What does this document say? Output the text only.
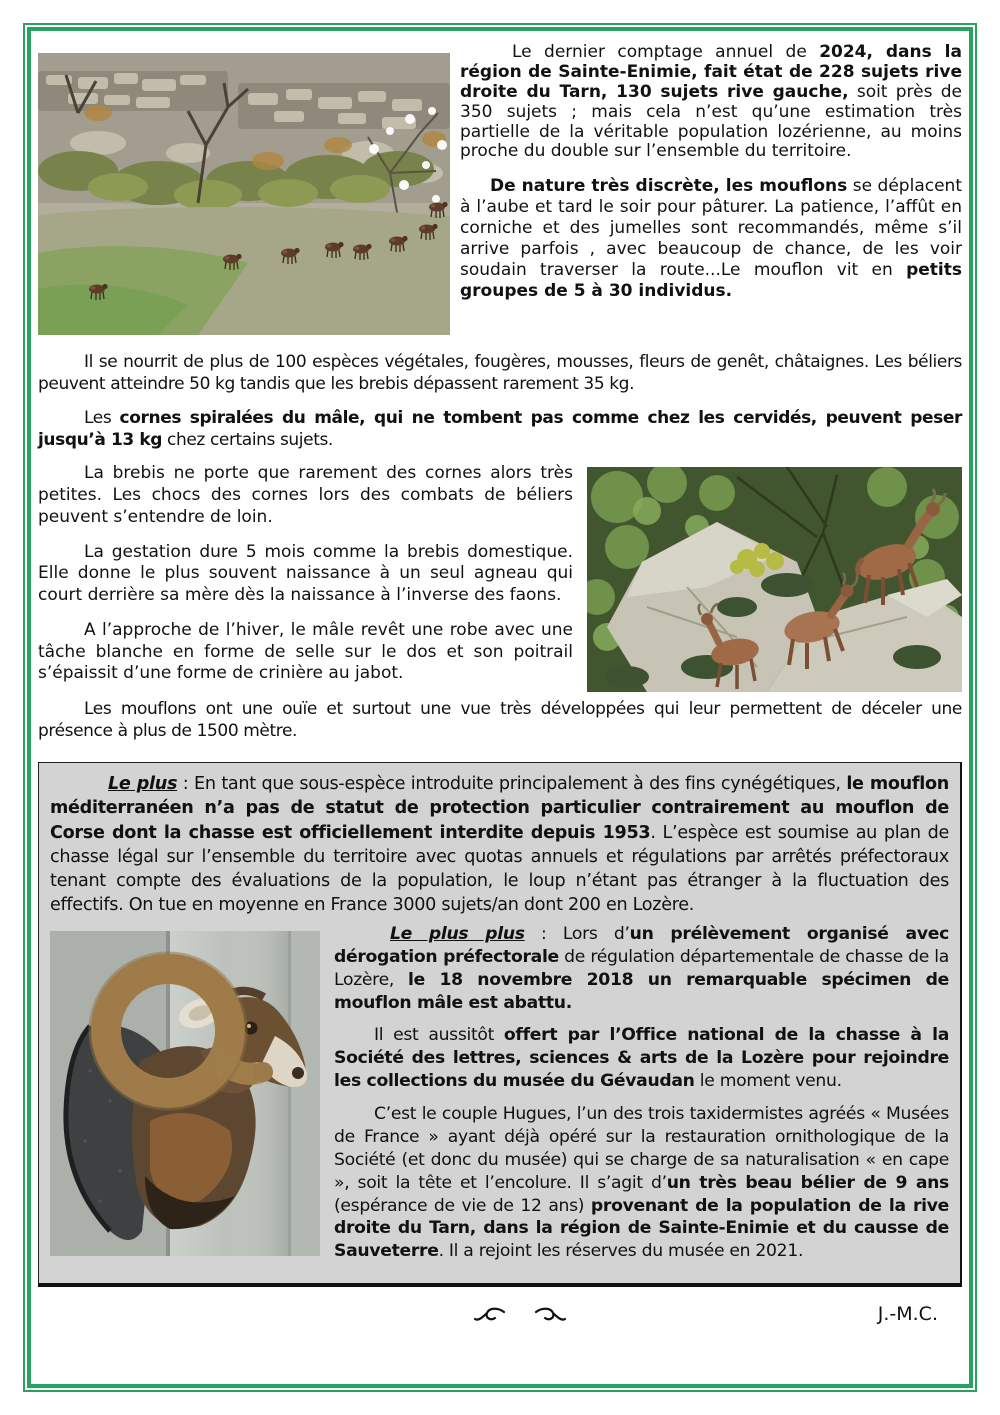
Le dernier comptage annuel de 2024, dans la région de Sainte-Enimie, fait état de 228 sujets rive droite du Tarn, 130 sujets rive gauche, soit près de 350 sujets ; mais cela n’est qu’une estimation très partielle de la véritable population lozérienne, au moins proche du double sur l’ensemble du territoire.

De nature très discrète, les mouflons se déplacent à l’aube et tard le soir pour pâturer. La patience, l’affût en corniche et des jumelles sont recommandés, même s’il arrive parfois , avec beaucoup de chance, de les voir soudain traverser la route...Le mouflon vit en petits groupes de 5 à 30 individus.

Il se nourrit de plus de 100 espèces végétales, fougères, mousses, fleurs de genêt, châtaignes. Les béliers peuvent atteindre 50 kg tandis que les brebis dépassent rarement 35 kg.

Les cornes spiralées du mâle, qui ne tombent pas comme chez les cervidés, peuvent peser jusqu’à 13 kg chez certains sujets.

La brebis ne porte que rarement des cornes alors très petites. Les chocs des cornes lors des combats de béliers peuvent s’entendre de loin.

La gestation dure 5 mois comme la brebis domestique. Elle donne le plus souvent naissance à un seul agneau qui court derrière sa mère dès la naissance à l’inverse des faons.

A l’approche de l’hiver, le mâle revêt une robe avec une tâche blanche en forme de selle sur le dos et son poitrail s’épaissit d’une forme de crinière au jabot.

Les mouflons ont une ouïe et surtout une vue très développées qui leur permettent de déceler une présence à plus de 1500 mètre.

Le plus : En tant que sous-espèce introduite principalement à des fins cynégétiques, le mouflon méditerranéen n’a pas de statut de protection particulier contrairement au mouflon de Corse dont la chasse est officiellement interdite depuis 1953. L’espèce est soumise au plan de chasse légal sur l’ensemble du territoire avec quotas annuels et régulations par arrêtés préfectoraux tenant compte des évaluations de la population, le loup n’étant pas étranger à la fluctuation des effectifs. On tue en moyenne en France 3000 sujets/an dont 200 en Lozère.

Le plus plus : Lors d’un prélèvement organisé avec dérogation préfectorale de régulation départementale de chasse de la Lozère, le 18 novembre 2018 un remarquable spécimen de mouflon mâle est abattu.

Il est aussitôt offert par l’Office national de la chasse à la Société des lettres, sciences & arts de la Lozère pour rejoindre les collections du musée du Gévaudan le moment venu.

C’est le couple Hugues, l’un des trois taxidermistes agréés « Musées de France » ayant déjà opéré sur la restauration ornithologique de la Société (et donc du musée) qui se charge de sa naturalisation « en cape », soit la tête et l’encolure. Il s’agit d’un très beau bélier de 9 ans (espérance de vie de 12 ans) provenant de la population de la rive droite du Tarn, dans la région de Sainte-Enimie et du causse de Sauveterre. Il a rejoint les réserves du musée en 2021.

J.-M.C.
